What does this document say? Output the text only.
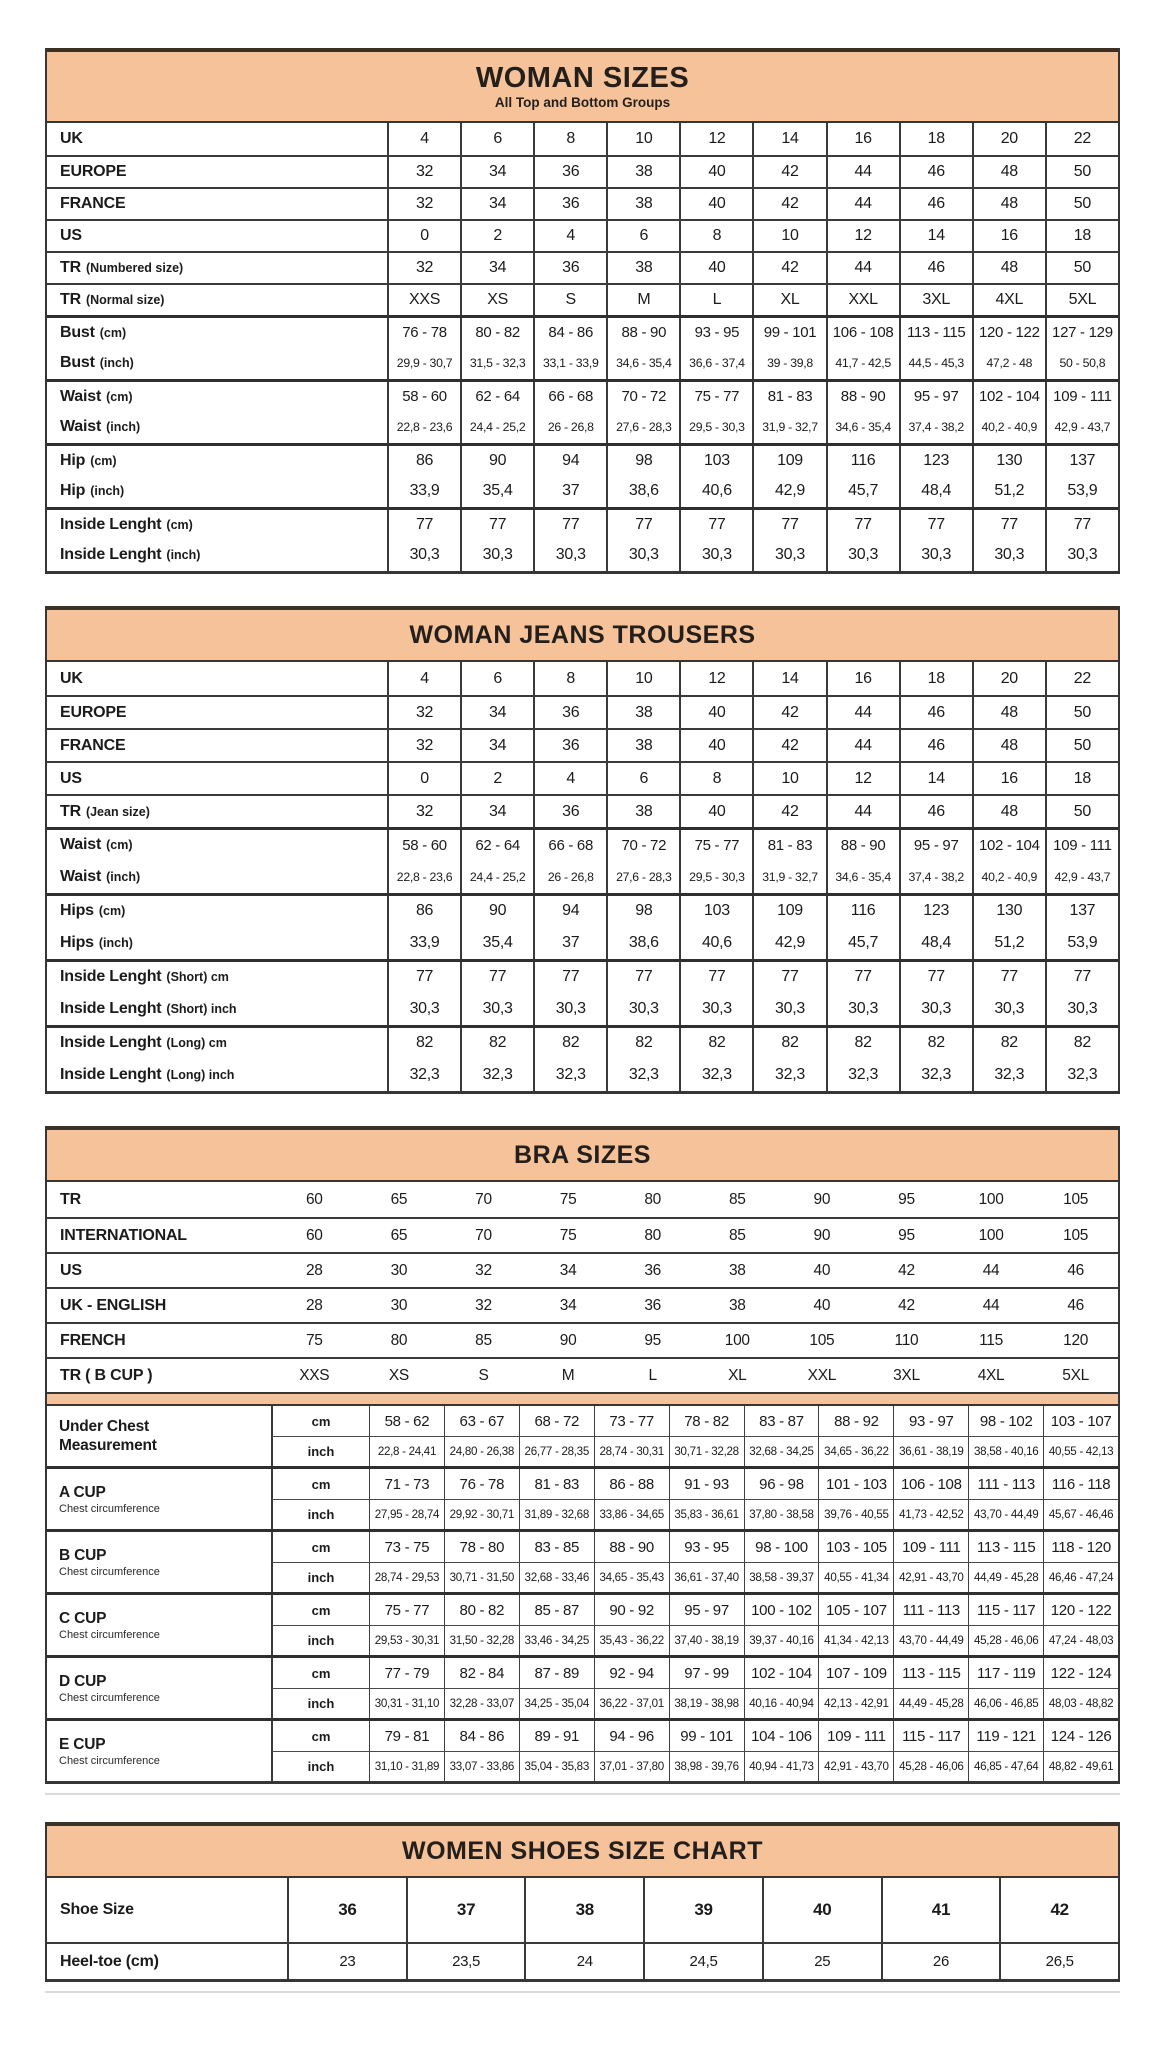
WOMAN SIZES
All Top and Bottom Groups
UK	4	6	8	10	12	14	16	18	20	22
EUROPE	32	34	36	38	40	42	44	46	48	50
FRANCE	32	34	36	38	40	42	44	46	48	50
US	0	2	4	6	8	10	12	14	16	18
TR (Numbered size)	32	34	36	38	40	42	44	46	48	50
TR (Normal size)	XXS	XS	S	M	L	XL	XXL	3XL	4XL	5XL
Bust (cm)	76 - 78	80 - 82	84 - 86	88 - 90	93 - 95	99 - 101	106 - 108 113 - 115 120 - 122 127 - 129
Bust (inch)	29,9 - 30,7	31,5 - 32,3	33,1 - 33,9	34,6 - 35,4	36,6 - 37,4	39 - 39,8	41,7 - 42,5	44,5 - 45,3	47,2 - 48	50 - 50,8
Waist (cm)	58 - 60	62 - 64	66 - 68	70 - 72	75 - 77	81 - 83	88 - 90	95 - 97	102 - 104 109 - 111
Waist (inch)	22,8 - 23,6	24,4 - 25,2	26 - 26,8	27,6 - 28,3	29,5 - 30,3	31,9 - 32,7	34,6 - 35,4	37,4 - 38,2	40,2 - 40,9	42,9 - 43,7
Hip (cm)	86	90	94	98	103	109	116	123	130	137
Hip (inch)	33,9	35,4	37	38,6	40,6	42,9	45,7	48,4	51,2	53,9
Inside Lenght (cm)	77	77	77	77	77	77	77	77	77	77
Inside Lenght (inch)	30,3	30,3	30,3	30,3	30,3	30,3	30,3	30,3	30,3	30,3
WOMAN JEANS TROUSERS
UK	4	6	8	10	12	14	16	18	20	22
EUROPE	32	34	36	38	40	42	44	46	48	50
FRANCE	32	34	36	38	40	42	44	46	48	50
US	0	2	4	6	8	10	12	14	16	18
TR (Jean size)	32	34	36	38	40	42	44	46	48	50
Waist (cm)	58 - 60	62 - 64	66 - 68	70 - 72	75 - 77	81 - 83	88 - 90	95 - 97	102 - 104 109 - 111
Waist (inch)	22,8 - 23,6	24,4 - 25,2	26 - 26,8	27,6 - 28,3	29,5 - 30,3	31,9 - 32,7	34,6 - 35,4	37,4 - 38,2	40,2 - 40,9	42,9 - 43,7
Hips (cm)	86	90	94	98	103	109	116	123	130	137
Hips (inch)	33,9	35,4	37	38,6	40,6	42,9	45,7	48,4	51,2	53,9
Inside Lenght (Short) cm	77	77	77	77	77	77	77	77	77	77
Inside Lenght (Short) inch	30,3	30,3	30,3	30,3	30,3	30,3	30,3	30,3	30,3	30,3
Inside Lenght (Long) cm	82	82	82	82	82	82	82	82	82	82
Inside Lenght (Long) inch	32,3	32,3	32,3	32,3	32,3	32,3	32,3	32,3	32,3	32,3
BRA SIZES
TR	60	65	70	75	80	85	90	95	100	105
INTERNATIONAL	60	65	70	75	80	85	90	95	100	105
US	28	30	32	34	36	38	40	42	44	46
UK - ENGLISH	28	30	32	34	36	38	40	42	44	46
FRENCH	75	80	85	90	95	100	105	110	115	120
TR ( B CUP )	XXS	XS	S	M	L	XL	XXL	3XL	4XL	5XL
Under Chest Measurement
cm	58 - 62	63 - 67	68 - 72	73 - 77	78 - 82	83 - 87	88 - 92	93 - 97	98 - 102	103 - 107
inch	22,8 - 24,41	24,80 - 26,38 26,77 - 28,35 28,74 - 30,31 30,71 - 32,28 32,68 - 34,25 34,65 - 36,22 36,61 - 38,19 38,58 - 40,16 40,55 - 42,13
A CUP
Chest circumference
cm	71 - 73	76 - 78	81 - 83	86 - 88	91 - 93	96 - 98	101 - 103 106 - 108	111 - 113	116 - 118
inch	27,95 - 28,74 29,92 - 30,71 31,89 - 32,68 33,86 - 34,65 35,83 - 36,61 37,80 - 38,58 39,76 - 40,55 41,73 - 42,52 43,70 - 44,49 45,67 - 46,46
B CUP
Chest circumference
cm	73 - 75	78 - 80	83 - 85	88 - 90	93 - 95	98 - 100	103 - 105	109 - 111	113 - 115	118 - 120
inch	28,74 - 29,53 30,71 - 31,50 32,68 - 33,46 34,65 - 35,43 36,61 - 37,40 38,58 - 39,37 40,55 - 41,34 42,91 - 43,70 44,49 - 45,28 46,46 - 47,24
C CUP
Chest circumference
cm	75 - 77	80 - 82	85 - 87	90 - 92	95 - 97	100 - 102 105 - 107	111 - 113	115 - 117	120 - 122
inch	29,53 - 30,31 31,50 - 32,28 33,46 - 34,25 35,43 - 36,22 37,40 - 38,19 39,37 - 40,16 41,34 - 42,13 43,70 - 44,49 45,28 - 46,06 47,24 - 48,03
D CUP
Chest circumference
cm	77 - 79	82 - 84	87 - 89	92 - 94	97 - 99	102 - 104 107 - 109	113 - 115	117 - 119	122 - 124
inch	30,31 - 31,10 32,28 - 33,07 34,25 - 35,04 36,22 - 37,01 38,19 - 38,98 40,16 - 40,94 42,13 - 42,91 44,49 - 45,28 46,06 - 46,85 48,03 - 48,82
E CUP
Chest circumference
cm	79 - 81	84 - 86	89 - 91	94 - 96	99 - 101	104 - 106	109 - 111	115 - 117	119 - 121 124 - 126
inch	31,10 - 31,89 33,07 - 33,86 35,04 - 35,83 37,01 - 37,80 38,98 - 39,76 40,94 - 41,73 42,91 - 43,70 45,28 - 46,06 46,85 - 47,64 48,82 - 49,61
WOMEN SHOES SIZE CHART
Shoe Size	36	37	38	39	40	41	42
Heel-toe (cm)	23	23,5	24	24,5	25	26	26,5
